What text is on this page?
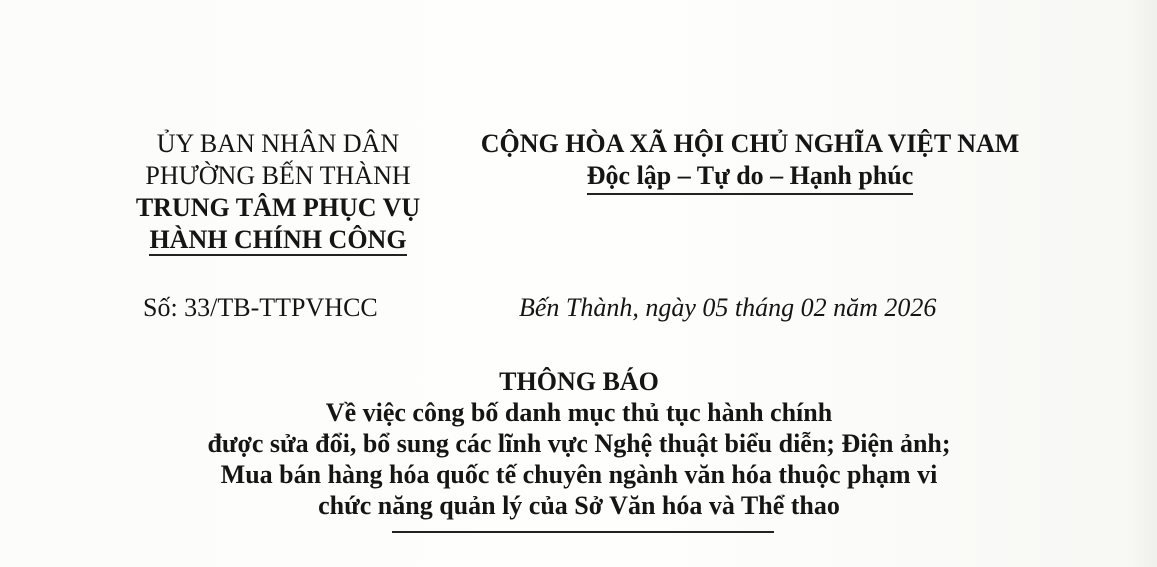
ỦY BAN NHÂN DÂN
PHƯỜNG BẾN THÀNH
TRUNG TÂM PHỤC VỤ
HÀNH CHÍNH CÔNG
CỘNG HÒA XÃ HỘI CHỦ NGHĨA VIỆT NAM
Độc lập – Tự do – Hạnh phúc
Số: 33/TB-TTPVHCC	Bến Thành, ngày 05 tháng 02 năm 2026
THÔNG BÁO
Về việc công bố danh mục thủ tục hành chính
được sửa đổi, bổ sung các lĩnh vực Nghệ thuật biểu diễn; Điện ảnh;
Mua bán hàng hóa quốc tế chuyên ngành văn hóa thuộc phạm vi
chức năng quản lý của Sở Văn hóa và Thể thao
